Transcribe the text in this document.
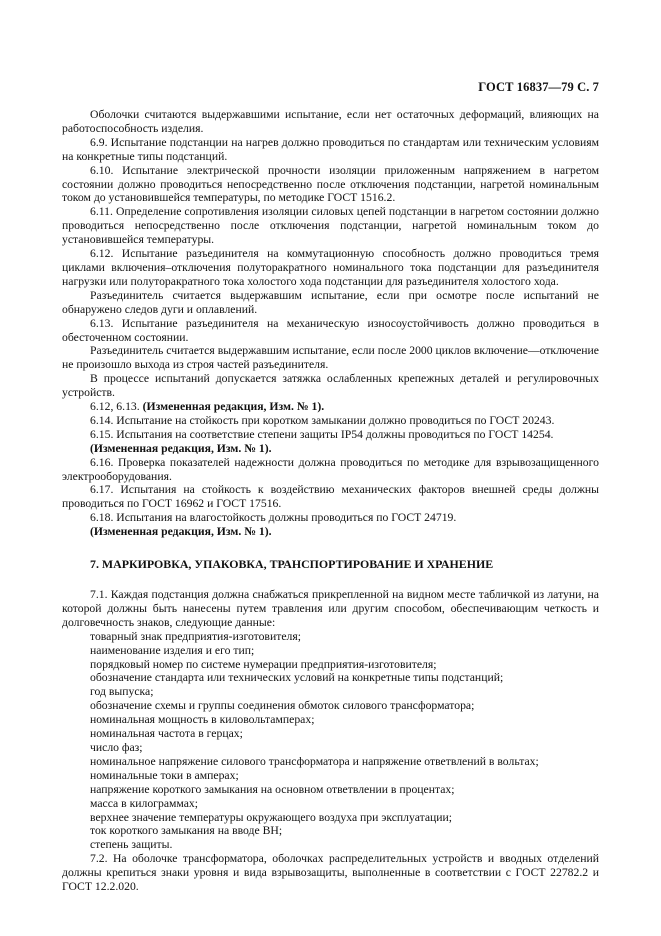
ГОСТ 16837—79 С. 7

Оболочки считаются выдержавшими испытание, если нет остаточных деформаций, влияющих на работоспособность изделия.

6.9. Испытание подстанции на нагрев должно проводиться по стандартам или техническим условиям на конкретные типы подстанций.

6.10. Испытание электрической прочности изоляции приложенным напряжением в нагретом состоянии должно проводиться непосредственно после отключения подстанции, нагретой номинальным током до установившейся температуры, по методике ГОСТ 1516.2.

6.11. Определение сопротивления изоляции силовых цепей подстанции в нагретом состоянии должно проводиться непосредственно после отключения подстанции, нагретой номинальным током до установившейся температуры.

6.12. Испытание разъединителя на коммутационную способность должно проводиться тремя циклами включения–отключения полуторакратного номинального тока подстанции для разъединителя нагрузки или полуторакратного тока холостого хода подстанции для разъединителя холостого хода.

Разъединитель считается выдержавшим испытание, если при осмотре после испытаний не обнаружено следов дуги и оплавлений.

6.13. Испытание разъединителя на механическую износоустойчивость должно проводиться в обесточенном состоянии.

Разъединитель считается выдержавшим испытание, если после 2000 циклов включение—отключение не произошло выхода из строя частей разъединителя.

В процессе испытаний допускается затяжка ослабленных крепежных деталей и регулировочных устройств.

6.12, 6.13. (Измененная редакция, Изм. № 1).

6.14. Испытание на стойкость при коротком замыкании должно проводиться по ГОСТ 20243.

6.15. Испытания на соответствие степени защиты IP54 должны проводиться по ГОСТ 14254.

(Измененная редакция, Изм. № 1).

6.16. Проверка показателей надежности должна проводиться по методике для взрывозащищенного электрооборудования.

6.17. Испытания на стойкость к воздействию механических факторов внешней среды должны проводиться по ГОСТ 16962 и ГОСТ 17516.

6.18. Испытания на влагостойкость должны проводиться по ГОСТ 24719.

(Измененная редакция, Изм. № 1).

7. МАРКИРОВКА, УПАКОВКА, ТРАНСПОРТИРОВАНИЕ И ХРАНЕНИЕ

7.1. Каждая подстанция должна снабжаться прикрепленной на видном месте табличкой из латуни, на которой должны быть нанесены путем травления или другим способом, обеспечивающим четкость и долговечность знаков, следующие данные:

товарный знак предприятия-изготовителя;

наименование изделия и его тип;

порядковый номер по системе нумерации предприятия-изготовителя;

обозначение стандарта или технических условий на конкретные типы подстанций;

год выпуска;

обозначение схемы и группы соединения обмоток силового трансформатора;

номинальная мощность в киловольтамперах;

номинальная частота в герцах;

число фаз;

номинальное напряжение силового трансформатора и напряжение ответвлений в вольтах;

номинальные токи в амперах;

напряжение короткого замыкания на основном ответвлении в процентах;

масса в килограммах;

верхнее значение температуры окружающего воздуха при эксплуатации;

ток короткого замыкания на вводе ВН;

степень защиты.

7.2. На оболочке трансформатора, оболочках распределительных устройств и вводных отделений должны крепиться знаки уровня и вида взрывозащиты, выполненные в соответствии с ГОСТ 22782.2 и ГОСТ 12.2.020.
